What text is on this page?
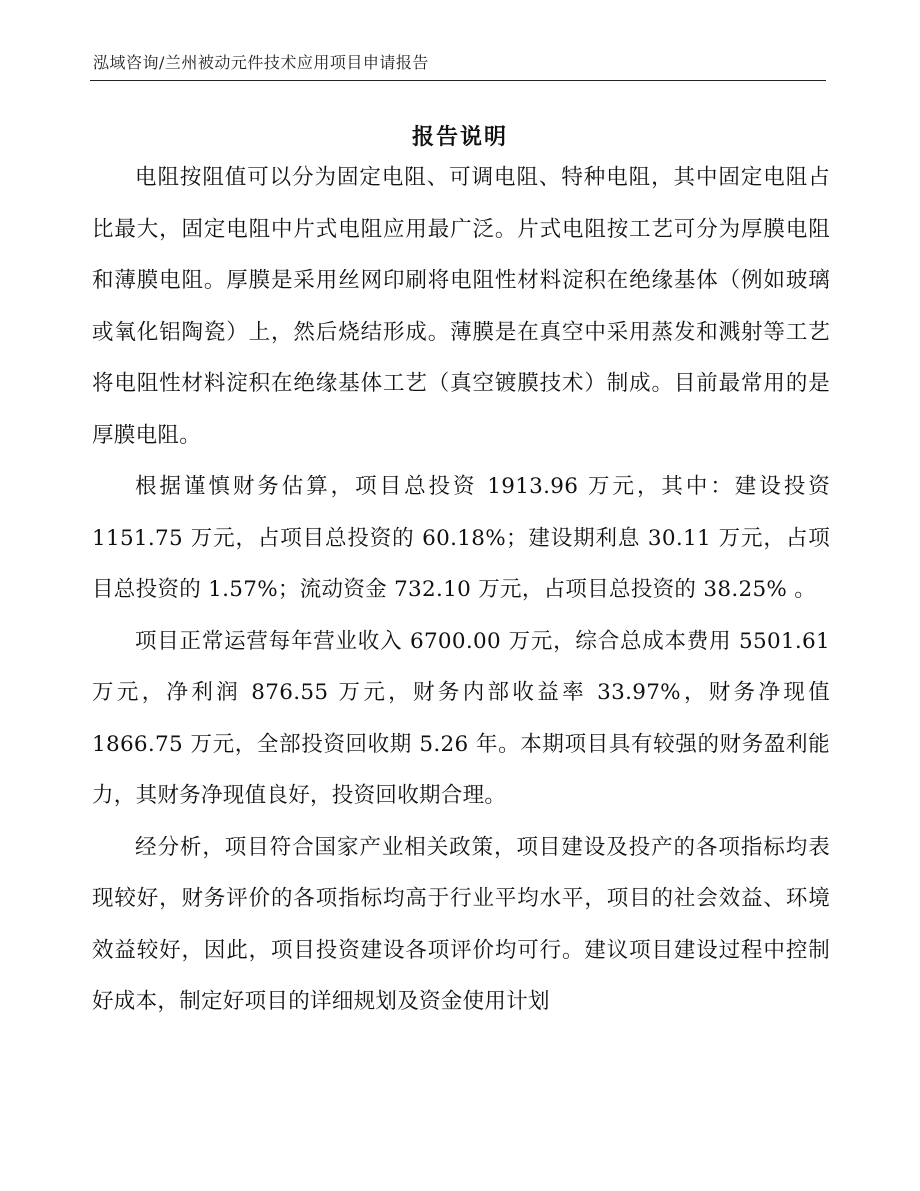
泓域咨询/兰州被动元件技术应用项目申请报告
报告说明

电阻按阻值可以分为固定电阻、可调电阻、特种电阻，其中固定电阻占比最大，固定电阻中片式电阻应用最广泛。片式电阻按工艺可分为厚膜电阻和薄膜电阻。厚膜是采用丝网印刷将电阻性材料淀积在绝缘基体（例如玻璃或氧化铝陶瓷）上，然后烧结形成。薄膜是在真空中采用蒸发和溅射等工艺将电阻性材料淀积在绝缘基体工艺（真空镀膜技术）制成。目前最常用的是厚膜电阻。

根据谨慎财务估算，项目总投资 1913.96 万元，其中：建设投资 1151.75 万元，占项目总投资的 60.18%；建设期利息 30.11 万元，占项目总投资的 1.57%；流动资金 732.10 万元，占项目总投资的 38.25% 。

项目正常运营每年营业收入 6700.00 万元，综合总成本费用 5501.61 万元，净利润 876.55 万元，财务内部收益率 33.97%，财务净现值 1866.75 万元，全部投资回收期 5.26 年。本期项目具有较强的财务盈利能力，其财务净现值良好，投资回收期合理。

经分析，项目符合国家产业相关政策，项目建设及投产的各项指标均表现较好，财务评价的各项指标均高于行业平均水平，项目的社会效益、环境效益较好，因此，项目投资建设各项评价均可行。建议项目建设过程中控制好成本，制定好项目的详细规划及资金使用计划
